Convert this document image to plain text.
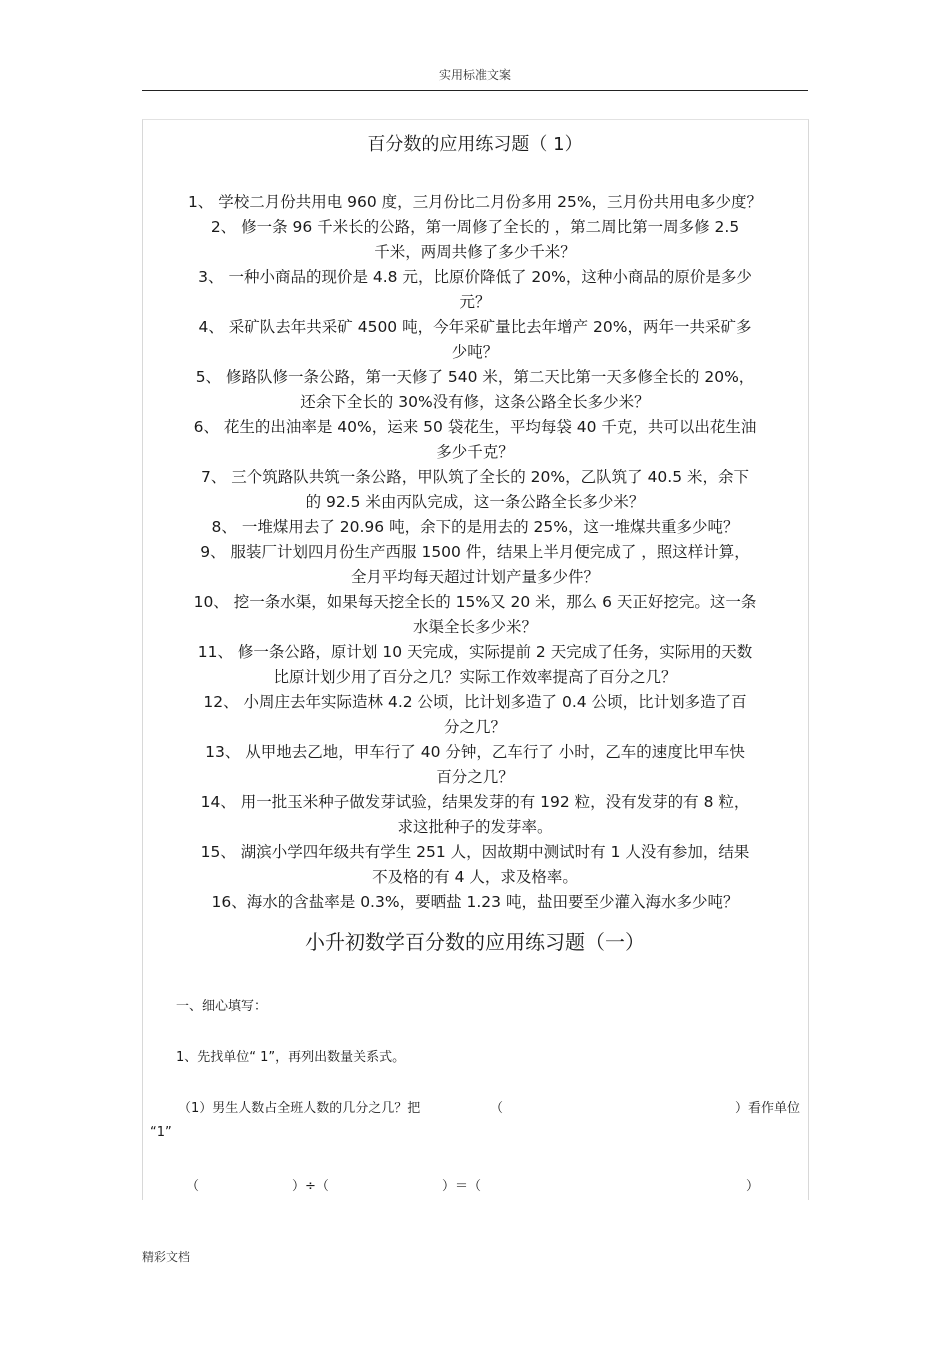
实用标准文案
百分数的应用练习题（ 1）
1、 学校二月份共用电 960 度，三月份比二月份多用 25%，三月份共用电多少度？
2、 修一条 96 千米长的公路，第一周修了全长的 ，第二周比第一周多修 2.5
千米，两周共修了多少千米？
3、 一种小商品的现价是 4.8 元，比原价降低了 20%，这种小商品的原价是多少
元？
4、 采矿队去年共采矿 4500 吨，今年采矿量比去年增产 20%，两年一共采矿多
少吨？
5、 修路队修一条公路，第一天修了 540 米，第二天比第一天多修全长的 20%，
还余下全长的 30%没有修，这条公路全长多少米？
6、 花生的出油率是 40%，运来 50 袋花生，平均每袋 40 千克，共可以出花生油
多少千克？
7、 三个筑路队共筑一条公路，甲队筑了全长的 20%，乙队筑了 40.5 米，余下
的 92.5 米由丙队完成，这一条公路全长多少米？
8、 一堆煤用去了 20.96 吨，余下的是用去的 25%，这一堆煤共重多少吨？
9、 服装厂计划四月份生产西服 1500 件，结果上半月便完成了 ，照这样计算，
全月平均每天超过计划产量多少件？
10、 挖一条水渠，如果每天挖全长的 15%又 20 米，那么 6 天正好挖完。这一条
水渠全长多少米？
11、 修一条公路，原计划 10 天完成，实际提前 2 天完成了任务，实际用的天数
比原计划少用了百分之几？实际工作效率提高了百分之几？
12、 小周庄去年实际造林 4.2 公顷，比计划多造了 0.4 公顷，比计划多造了百
分之几？
13、 从甲地去乙地，甲车行了 40 分钟，乙车行了 小时，乙车的速度比甲车快
百分之几？
14、 用一批玉米种子做发芽试验，结果发芽的有 192 粒，没有发芽的有 8 粒，
求这批种子的发芽率。
15、 湖滨小学四年级共有学生 251 人，因故期中测试时有 1 人没有参加，结果
不及格的有 4 人，求及格率。
16、海水的含盐率是 0.3%，要晒盐 1.23 吨，盐田要至少灌入海水多少吨？
小升初数学百分数的应用练习题（一）
一、细心填写：
1、先找单位“ 1”，再列出数量关系式。
（1）男生人数占全班人数的几分之几？把	（	）看作单位
“1”
（	）÷（	）＝（	）
精彩文档
